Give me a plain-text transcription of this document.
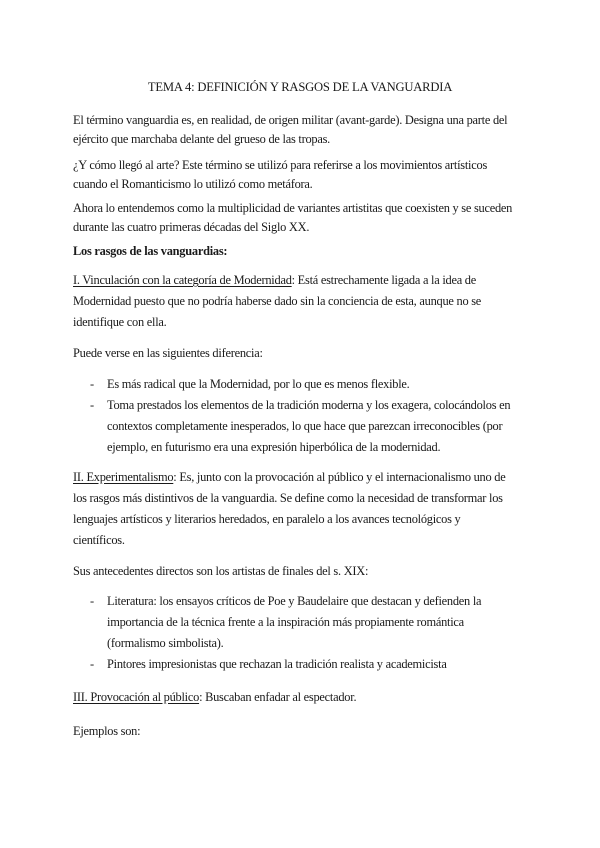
TEMA 4: DEFINICIÓN Y RASGOS DE LA VANGUARDIA
El término vanguardia es, en realidad, de origen militar (avant-garde). Designa una parte del
ejército que marchaba delante del grueso de las tropas.
¿Y cómo llegó al arte? Este término se utilizó para referirse a los movimientos artísticos
cuando el Romanticismo lo utilizó como metáfora.
Ahora lo entendemos como la multiplicidad de variantes artistitas que coexisten y se suceden
durante las cuatro primeras décadas del Siglo XX.
Los rasgos de las vanguardias:
I. Vinculación con la categoría de Modernidad: Está estrechamente ligada a la idea de
Modernidad puesto que no podría haberse dado sin la conciencia de esta, aunque no se
identifique con ella.
Puede verse en las siguientes diferencia:
- Es más radical que la Modernidad, por lo que es menos flexible.
- Toma prestados los elementos de la tradición moderna y los exagera, colocándolos en
contextos completamente inesperados, lo que hace que parezcan irreconocibles (por
ejemplo, en futurismo era una expresión hiperbólica de la modernidad.
II. Experimentalismo: Es, junto con la provocación al público y el internacionalismo uno de
los rasgos más distintivos de la vanguardia. Se define como la necesidad de transformar los
lenguajes artísticos y literarios heredados, en paralelo a los avances tecnológicos y
científicos.
Sus antecedentes directos son los artistas de finales del s. XIX:
- Literatura: los ensayos críticos de Poe y Baudelaire que destacan y defienden la
importancia de la técnica frente a la inspiración más propiamente romántica
(formalismo simbolista).
- Pintores impresionistas que rechazan la tradición realista y academicista
III. Provocación al público: Buscaban enfadar al espectador.
Ejemplos son:
